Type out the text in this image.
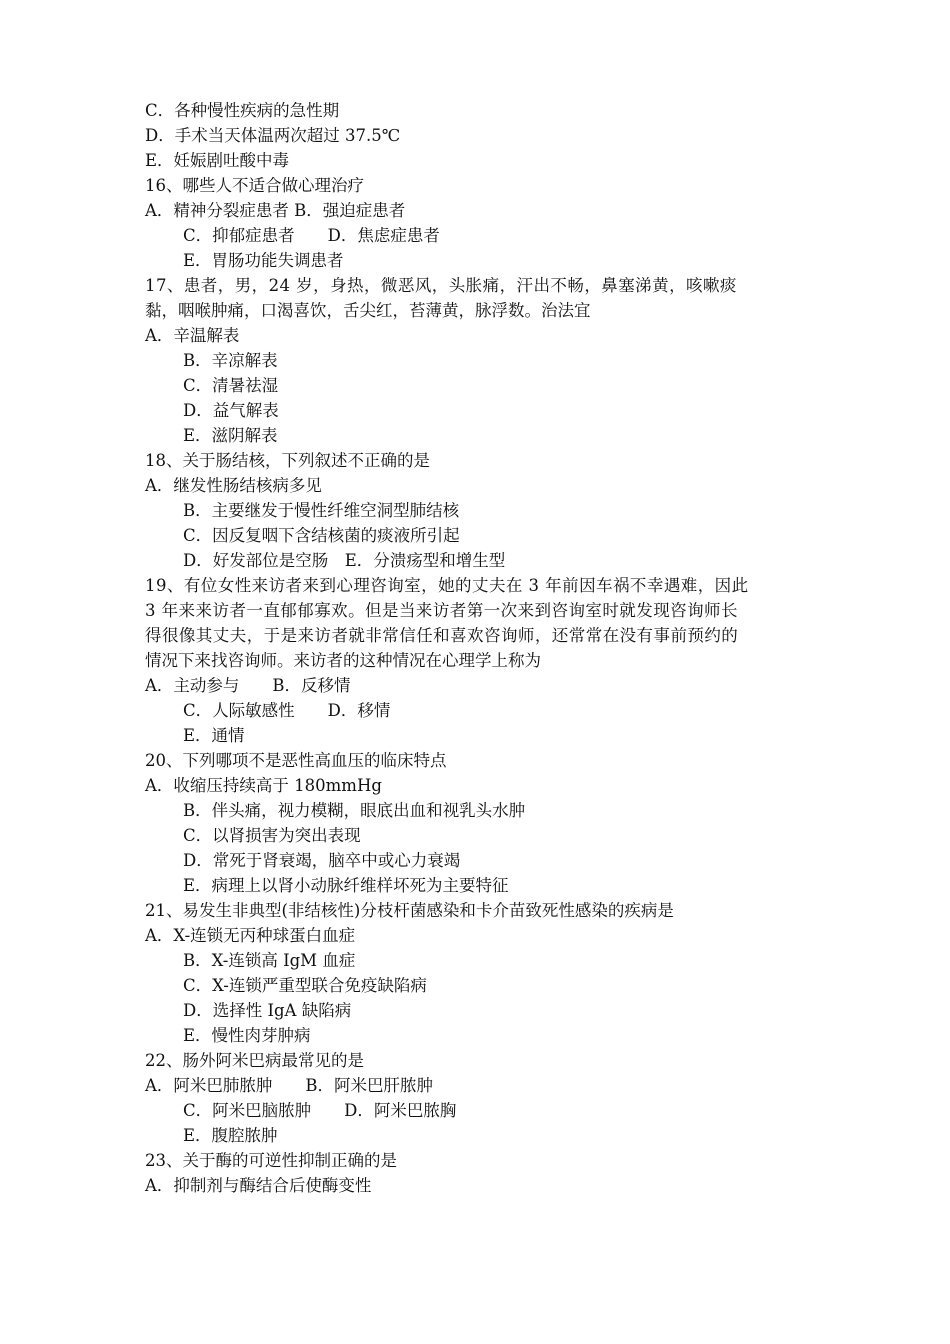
C．各种慢性疾病的急性期
D．手术当天体温两次超过 37.5℃
E．妊娠剧吐酸中毒
16、哪些人不适合做心理治疗
A．精神分裂症患者 B．强迫症患者
C．抑郁症患者　　D．焦虑症患者
E．胃肠功能失调患者
17、患者，男，24 岁，身热，微恶风，头胀痛，汗出不畅，鼻塞涕黄，咳嗽痰
黏，咽喉肿痛，口渴喜饮，舌尖红，苔薄黄，脉浮数。治法宜
A．辛温解表
B．辛凉解表
C．清暑祛湿
D．益气解表
E．滋阴解表
18、关于肠结核，下列叙述不正确的是
A．继发性肠结核病多见
B．主要继发于慢性纤维空洞型肺结核
C．因反复咽下含结核菌的痰液所引起
D．好发部位是空肠　E．分溃疡型和增生型
19、有位女性来访者来到心理咨询室，她的丈夫在 3 年前因车祸不幸遇难，因此
3 年来来访者一直郁郁寡欢。但是当来访者第一次来到咨询室时就发现咨询师长
得很像其丈夫，于是来访者就非常信任和喜欢咨询师，还常常在没有事前预约的
情况下来找咨询师。来访者的这种情况在心理学上称为
A．主动参与　　B．反移情
C．人际敏感性　　D．移情
E．通情
20、下列哪项不是恶性高血压的临床特点
A．收缩压持续高于 180mmHg
B．伴头痛，视力模糊，眼底出血和视乳头水肿
C．以肾损害为突出表现
D．常死于肾衰竭，脑卒中或心力衰竭
E．病理上以肾小动脉纤维样坏死为主要特征
21、易发生非典型(非结核性)分枝杆菌感染和卡介苗致死性感染的疾病是
A．X-连锁无丙种球蛋白血症
B．X-连锁高 IgM 血症
C．X-连锁严重型联合免疫缺陷病
D．选择性 IgA 缺陷病
E．慢性肉芽肿病
22、肠外阿米巴病最常见的是
A．阿米巴肺脓肿　　B．阿米巴肝脓肿
C．阿米巴脑脓肿　　D．阿米巴脓胸
E．腹腔脓肿
23、关于酶的可逆性抑制正确的是
A．抑制剂与酶结合后使酶变性
